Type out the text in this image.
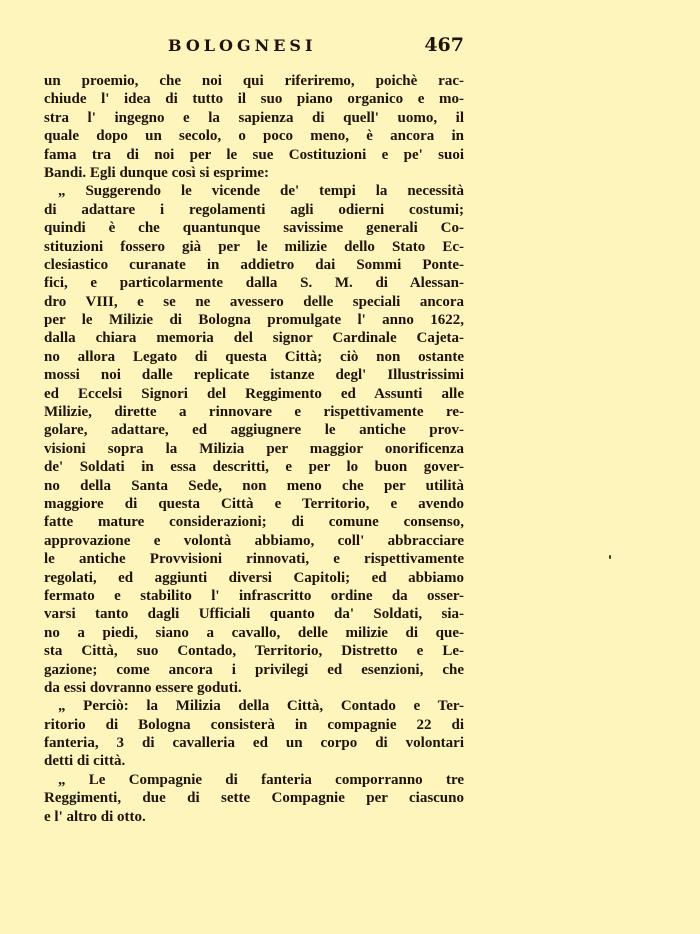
BOLOGNESI	467
un proemio, che noi qui riferiremo, poichè rac-
chiude l' idea di tutto il suo piano organico e mo-
stra l' ingegno e la sapienza di quell' uomo, il
quale dopo un secolo, o poco meno, è ancora in
fama tra di noi per le sue Costituzioni e pe' suoi
Bandi. Egli dunque così si esprime:
„ Suggerendo le vicende de' tempi la necessità
di adattare i regolamenti agli odierni costumi;
quindi è che quantunque savissime generali Co-
stituzioni fossero già per le milizie dello Stato Ec-
clesiastico curanate in addietro dai Sommi Ponte-
fici, e particolarmente dalla S. M. di Alessan-
dro VIII, e se ne avessero delle speciali ancora
per le Milizie di Bologna promulgate l' anno 1622,
dalla chiara memoria del signor Cardinale Cajeta-
no allora Legato di questa Città; ciò non ostante
mossi noi dalle replicate istanze degl' Illustrissimi
ed Eccelsi Signori del Reggimento ed Assunti alle
Milizie, dirette a rinnovare e rispettivamente re-
golare, adattare, ed aggiugnere le antiche prov-
visioni sopra la Milizia per maggior onorificenza
de' Soldati in essa descritti, e per lo buon gover-
no della Santa Sede, non meno che per utilità
maggiore di questa Città e Territorio, e avendo
fatte mature considerazioni; di comune consenso,
approvazione e volontà abbiamo, coll' abbracciare
le antiche Provvisioni rinnovati, e rispettivamente
regolati, ed aggiunti diversi Capitoli; ed abbiamo
fermato e stabilito l' infrascritto ordine da osser-
varsi tanto dagli Ufficiali quanto da' Soldati, sia-
no a piedi, siano a cavallo, delle milizie di que-
sta Città, suo Contado, Territorio, Distretto e Le-
gazione; come ancora i privilegi ed esenzioni, che
da essi dovranno essere goduti.
„ Perciò: la Milizia della Città, Contado e Ter-
ritorio di Bologna consisterà in compagnie 22 di
fanteria, 3 di cavalleria ed un corpo di volontari
detti di città.
„ Le Compagnie di fanteria comporranno tre
Reggimenti, due di sette Compagnie per ciascuno
e l' altro di otto.
